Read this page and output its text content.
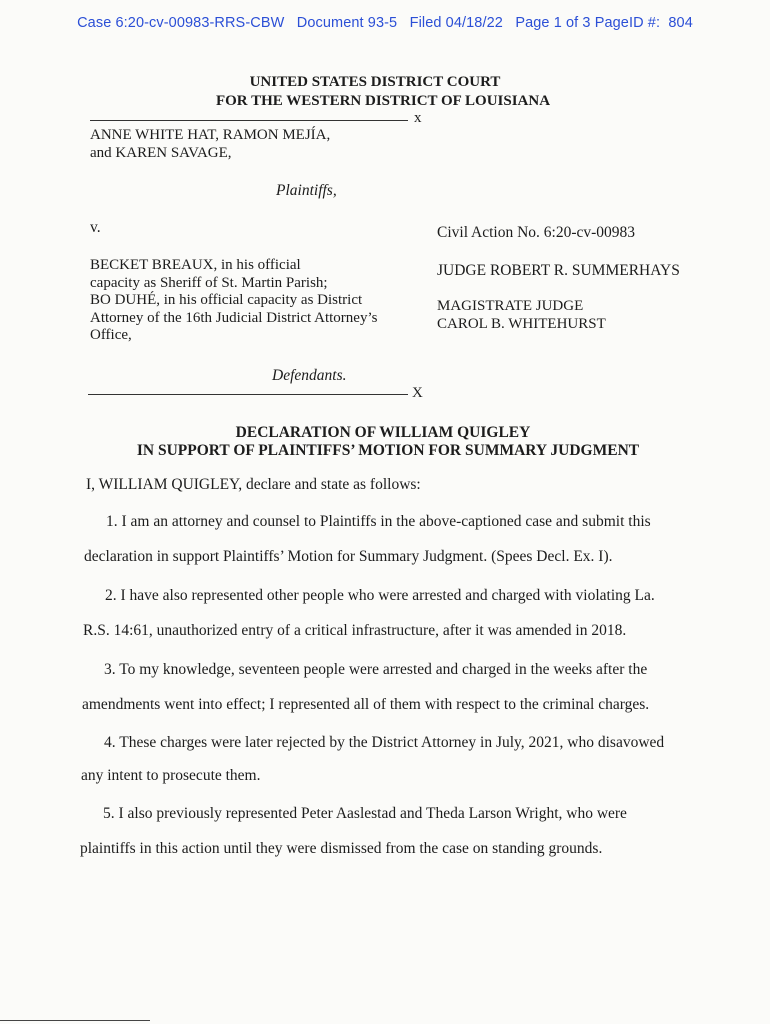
Case 6:20-cv-00983-RRS-CBW Document 93-5 Filed 04/18/22 Page 1 of 3 PageID #: 804
UNITED STATES DISTRICT COURT
FOR THE WESTERN DISTRICT OF LOUISIANA
x
ANNE WHITE HAT, RAMON MEJÍA,
and KAREN SAVAGE,
Plaintiffs,
v.	Civil Action No. 6:20-cv-00983
JUDGE ROBERT R. SUMMERHAYS
MAGISTRATE JUDGE
CAROL B. WHITEHURST
BECKET BREAUX, in his official
capacity as Sheriff of St. Martin Parish;
BO DUHÉ, in his official capacity as District
Attorney of the 16th Judicial District Attorney’s
Office,
Defendants.
X
DECLARATION OF WILLIAM QUIGLEY
IN SUPPORT OF PLAINTIFFS’ MOTION FOR SUMMARY JUDGMENT
I, WILLIAM QUIGLEY, declare and state as follows:
1. I am an attorney and counsel to Plaintiffs in the above-captioned case and submit this
declaration in support Plaintiffs’ Motion for Summary Judgment. (Spees Decl. Ex. I).
2. I have also represented other people who were arrested and charged with violating La.
R.S. 14:61, unauthorized entry of a critical infrastructure, after it was amended in 2018.
3. To my knowledge, seventeen people were arrested and charged in the weeks after the
amendments went into effect; I represented all of them with respect to the criminal charges.
4. These charges were later rejected by the District Attorney in July, 2021, who disavowed
any intent to prosecute them.
5. I also previously represented Peter Aaslestad and Theda Larson Wright, who were
plaintiffs in this action until they were dismissed from the case on standing grounds.
